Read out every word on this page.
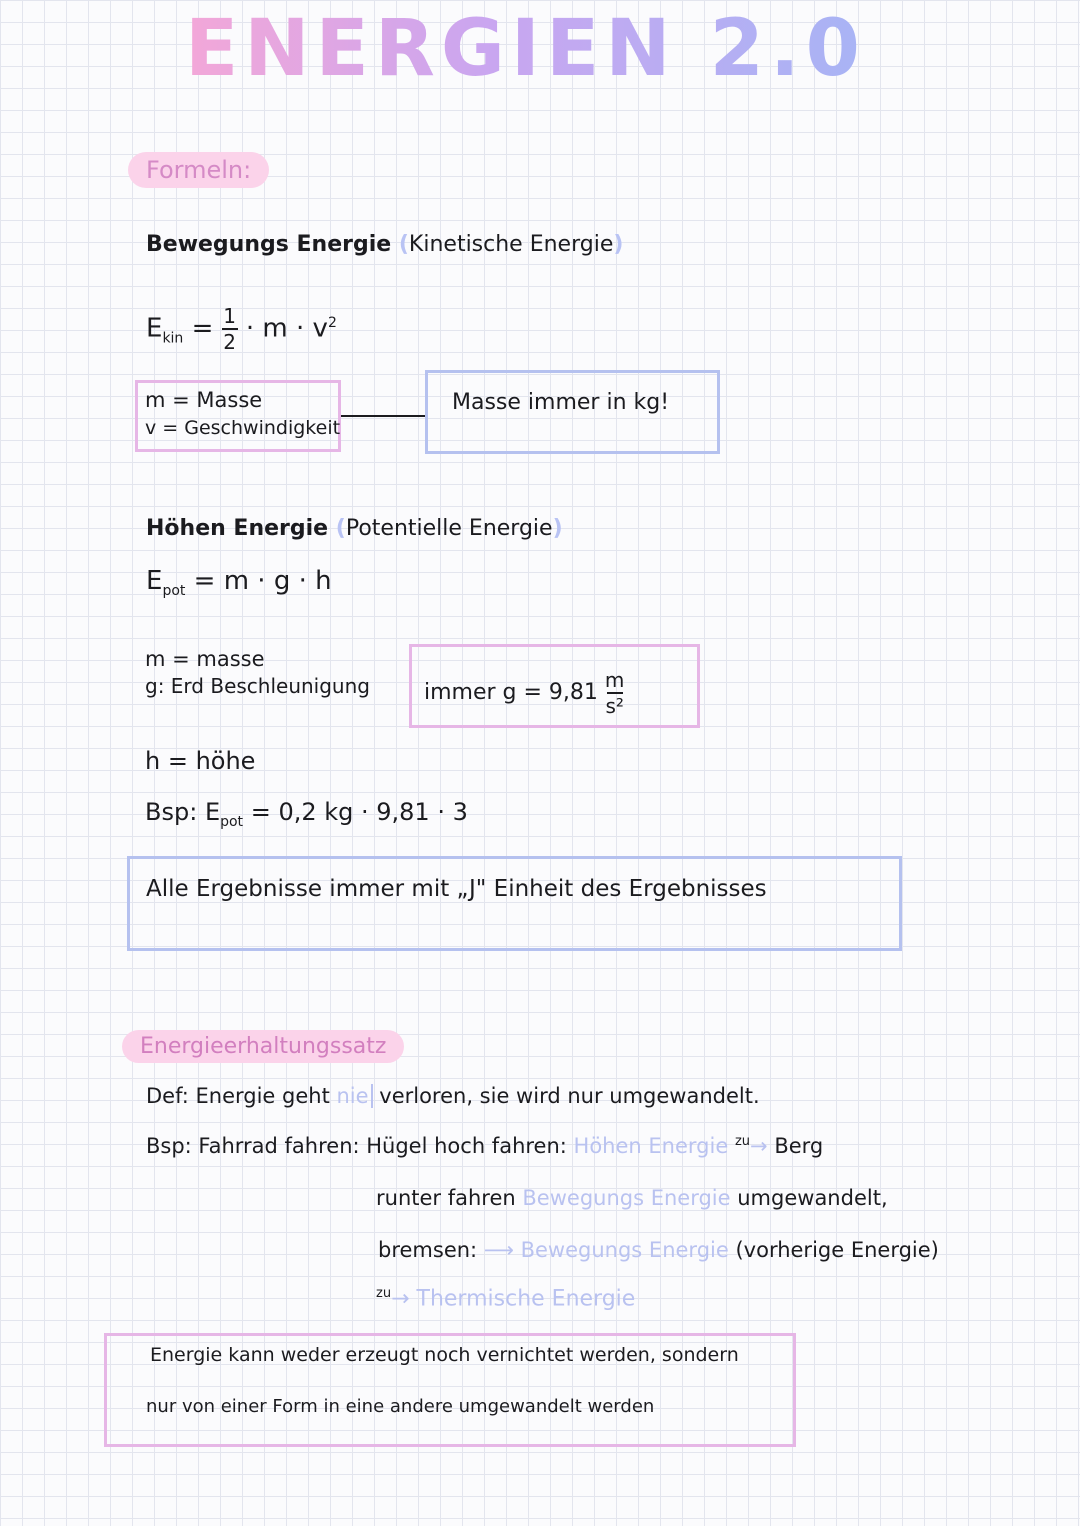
ENERGIEN 2.0
Formeln:
Bewegungs Energie (Kinetische Energie)
$E_{kin} = \frac{1}{2} \cdot m \cdot v^2$
m = Masse
v = Geschwindigkeit
Masse immer in kg!
Höhen Energie (Potentielle Energie)
$E_{pot} = m \cdot g \cdot h$
m = masse
g: Erd Beschleunigung immer $g = 9,81 \frac{m}{\text{s²}}$
h = höhe
Bsp: $E_{pot} = 0,2$ kg · 9,81 · 3
Alle Ergebnisse immer mit „J" Einheit des Ergebnisses
Energieerhaltungssatz
Def: Energie geht nie verloren, sie wird nur umgewandelt.
Bsp: Fahrrad fahren: Hügel hoch fahren: Höhen Energie $^{zu}$→ Berg
runter fahren Bewegungs Energie umgewandelt,
bremsen: ⟶ Bewegungs Energie (vorherige Energie)
$^{zu}$→ Thermische Energie
Energie kann weder erzeugt noch vernichtet werden, sondern
nur von einer Form in eine andere umgewandelt werden
